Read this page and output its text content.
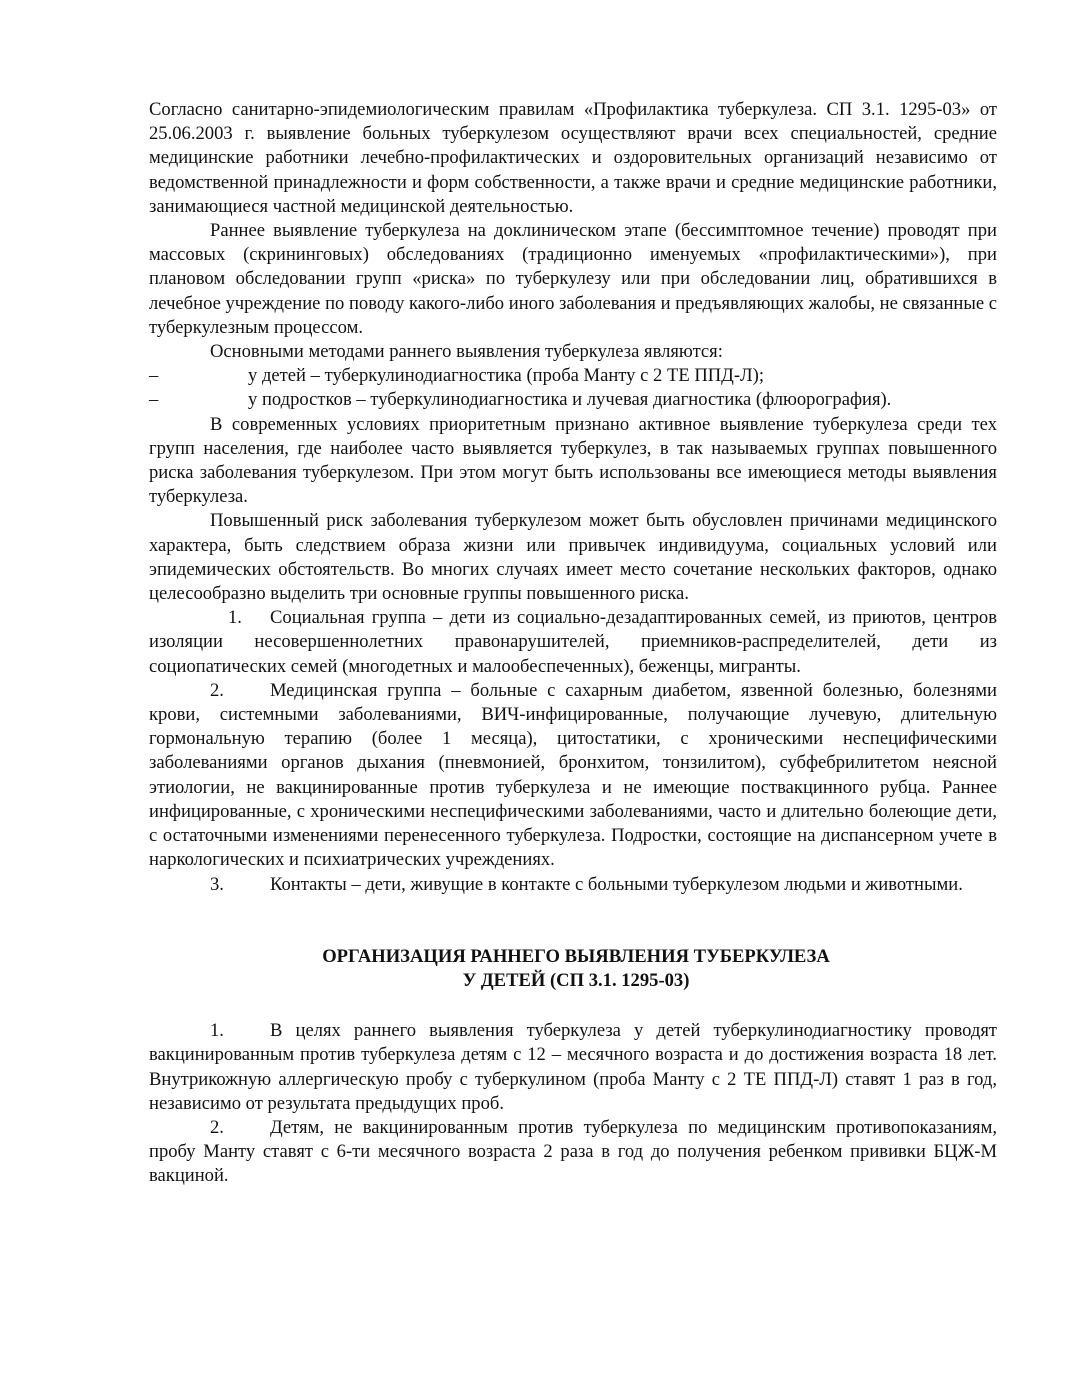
Согласно санитарно-эпидемиологическим правилам «Профилактика туберкулеза. СП 3.1. 1295-03» от 25.06.2003 г. выявление больных туберкулезом осуществляют врачи всех специальностей, средние медицинские работники лечебно-профилактических и оздоровительных организаций независимо от ведомственной принадлежности и форм собственности, а также врачи и средние медицинские работники, занимающиеся частной медицинской деятельностью.

Раннее выявление туберкулеза на доклиническом этапе (бессимптомное течение) проводят при массовых (скрининговых) обследованиях (традиционно именуемых «профилактическими»), при плановом обследовании групп «риска» по туберкулезу или при обследовании лиц, обратившихся в лечебное учреждение по поводу какого-либо иного заболевания и предъявляющих жалобы, не связанные с туберкулезным процессом.

Основными методами раннего выявления туберкулеза являются:

–	у детей – туберкулинодиагностика (проба Манту с 2 ТЕ ППД-Л);
–	у подростков – туберкулинодиагностика и лучевая диагностика (флюорография).

В современных условиях приоритетным признано активное выявление туберкулеза среди тех групп населения, где наиболее часто выявляется туберкулез, в так называемых группах повышенного риска заболевания туберкулезом. При этом могут быть использованы все имеющиеся методы выявления туберкулеза.

Повышенный риск заболевания туберкулезом может быть обусловлен причинами медицинского характера, быть следствием образа жизни или привычек индивидуума, социальных условий или эпидемических обстоятельств. Во многих случаях имеет место сочетание нескольких факторов, однако целесообразно выделить три основные группы повышенного риска.

1. Социальная группа – дети из социально-дезадаптированных семей, из приютов, центров изоляции несовершеннолетних правонарушителей, приемников-распределителей, дети из социопатических семей (многодетных и малообеспеченных), беженцы, мигранты.

2. Медицинская группа – больные с сахарным диабетом, язвенной болезнью, болезнями крови, системными заболеваниями, ВИЧ-инфицированные, получающие лучевую, длительную гормональную терапию (более 1 месяца), цитостатики, с хроническими неспецифическими заболеваниями органов дыхания (пневмонией, бронхитом, тонзилитом), субфебрилитетом неясной этиологии, не вакцинированные против туберкулеза и не имеющие поствакцинного рубца. Раннее инфицированные, с хроническими неспецифическими заболеваниями, часто и длительно болеющие дети, с остаточными изменениями перенесенного туберкулеза. Подростки, состоящие на диспансерном учете в наркологических и психиатрических учреждениях.

3. Контакты – дети, живущие в контакте с больными туберкулезом людьми и животными.

ОРГАНИЗАЦИЯ РАННЕГО ВЫЯВЛЕНИЯ ТУБЕРКУЛЕЗА

У ДЕТЕЙ (СП 3.1. 1295-03)

1. В целях раннего выявления туберкулеза у детей туберкулинодиагностику проводят вакцинированным против туберкулеза детям с 12 – месячного возраста и до достижения возраста 18 лет. Внутрикожную аллергическую пробу с туберкулином (проба Манту с 2 ТЕ ППД-Л) ставят 1 раз в год, независимо от результата предыдущих проб.

2. Детям, не вакцинированным против туберкулеза по медицинским противопоказаниям, пробу Манту ставят с 6-ти месячного возраста 2 раза в год до получения ребенком прививки БЦЖ-М вакциной.
